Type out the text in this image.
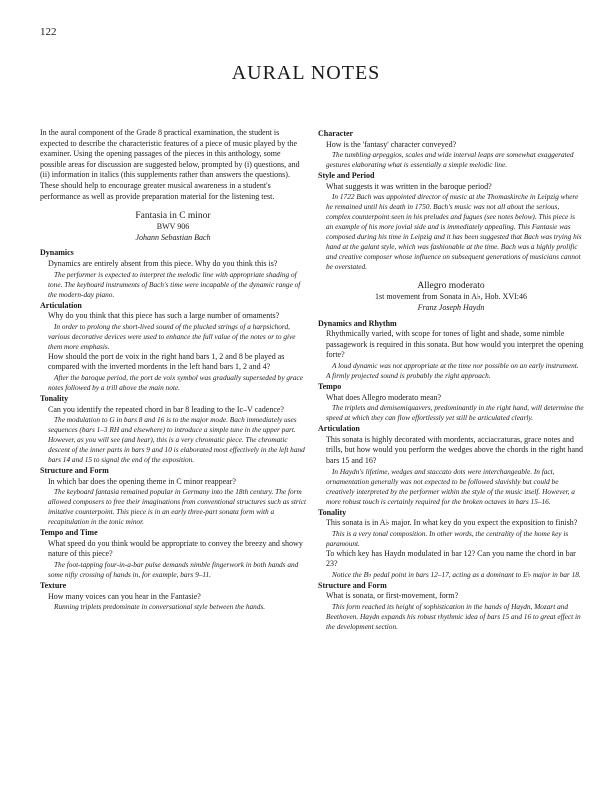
122
AURAL NOTES

In the aural component of the Grade 8 practical examination, the student is expected to describe the characteristic features of a piece of music played by the examiner. Using the opening passages of the pieces in this anthology, some possible areas for discussion are suggested below, prompted by (i) questions, and (ii) information in italics (this supplements rather than answers the questions). These should help to encourage greater musical awareness in a student's performance as well as provide preparation material for the listening test.

Fantasia in C minor
BWV 906
Johann Sebastian Bach
Dynamics

Dynamics are entirely absent from this piece. Why do you think this is?

The performer is expected to interpret the melodic line with appropriate shading of tone. The keyboard instruments of Bach's time were incapable of the dynamic range of the modern-day piano.

Articulation

Why do you think that this piece has such a large number of ornaments?

In order to prolong the short-lived sound of the plucked strings of a harpsichord, various decorative devices were used to enhance the full value of the notes or to give them more emphasis.

How should the port de voix in the right hand bars 1, 2 and 8 be played as compared with the inverted mordents in the left hand bars 1, 2 and 4?

After the baroque period, the port de voix symbol was gradually superseded by grace notes followed by a trill above the main note.

Tonality

Can you identify the repeated chord in bar 8 leading to the Ic–V cadence?

The modulation to G in bars 8 and 16 is to the major mode. Bach immediately uses sequences (bars 1–3 RH and elsewhere) to introduce a simple tune in the upper part. However, as you will see (and hear), this is a very chromatic piece. The chromatic descent of the inner parts in bars 9 and 10 is elaborated most effectively in the left hand bars 14 and 15 to signal the end of the exposition.

Structure and Form

In which bar does the opening theme in C minor reappear?

The keyboard fantasia remained popular in Germany into the 18th century. The form allowed composers to free their imaginations from conventional structures such as strict imitative counterpoint. This piece is in an early three-part sonata form with a recapitulation in the tonic minor.

Tempo and Time

What speed do you think would be appropriate to convey the breezy and showy nature of this piece?

The foot-tapping four-in-a-bar pulse demands nimble fingerwork in both hands and some nifty crossing of hands in, for example, bars 9–11.

Texture

How many voices can you hear in the Fantasie?

Running triplets predominate in conversational style between the hands.

Character

How is the 'fantasy' character conveyed?

The tumbling arpeggios, scales and wide interval leaps are somewhat exaggerated gestures elaborating what is essentially a simple melodic line.

Style and Period

What suggests it was written in the baroque period?

In 1722 Bach was appointed director of music at the Thomaskirche in Leipzig where he remained until his death in 1750. Bach's music was not all about the serious, complex counterpoint seen in his preludes and fugues (see notes below). This piece is an example of his more jovial side and is immediately appealing. This Fantasie was composed during his time in Leipzig and it has been suggested that Bach was trying his hand at the galant style, which was fashionable at the time. Bach was a highly prolific and creative composer whose influence on subsequent generations of musicians cannot be overstated.

Allegro moderato
1st movement from Sonata in A♭, Hob. XVI:46
Franz Joseph Haydn
Dynamics and Rhythm

Rhythmically varied, with scope for tones of light and shade, some nimble passagework is required in this sonata. But how would you interpret the opening forte?

A loud dynamic was not appropriate at the time nor possible on an early instrument. A firmly projected sound is probably the right approach.

Tempo

What does Allegro moderato mean?

The triplets and demisemiquavers, predominantly in the right hand, will determine the speed at which they can flow effortlessly yet still be articulated clearly.

Articulation

This sonata is highly decorated with mordents, acciaccaturas, grace notes and trills, but how would you perform the wedges above the chords in the right hand bars 15 and 16?

In Haydn's lifetime, wedges and staccato dots were interchangeable. In fact, ornamentation generally was not expected to be followed slavishly but could be creatively interpreted by the performer within the style of the music itself. However, a more robust touch is certainly required for the broken octaves in bars 15–16.

Tonality

This sonata is in A♭ major. In what key do you expect the exposition to finish?

This is a very tonal composition. In other words, the centrality of the home key is paramount.

To which key has Haydn modulated in bar 12? Can you name the chord in bar 23?

Notice the B♭ pedal point in bars 12–17, acting as a dominant to E♭ major in bar 18.

Structure and Form

What is sonata, or first-movement, form?

This form reached its height of sophistication in the hands of Haydn, Mozart and Beethoven. Haydn expands his robust rhythmic idea of bars 15 and 16 to great effect in the development section.
